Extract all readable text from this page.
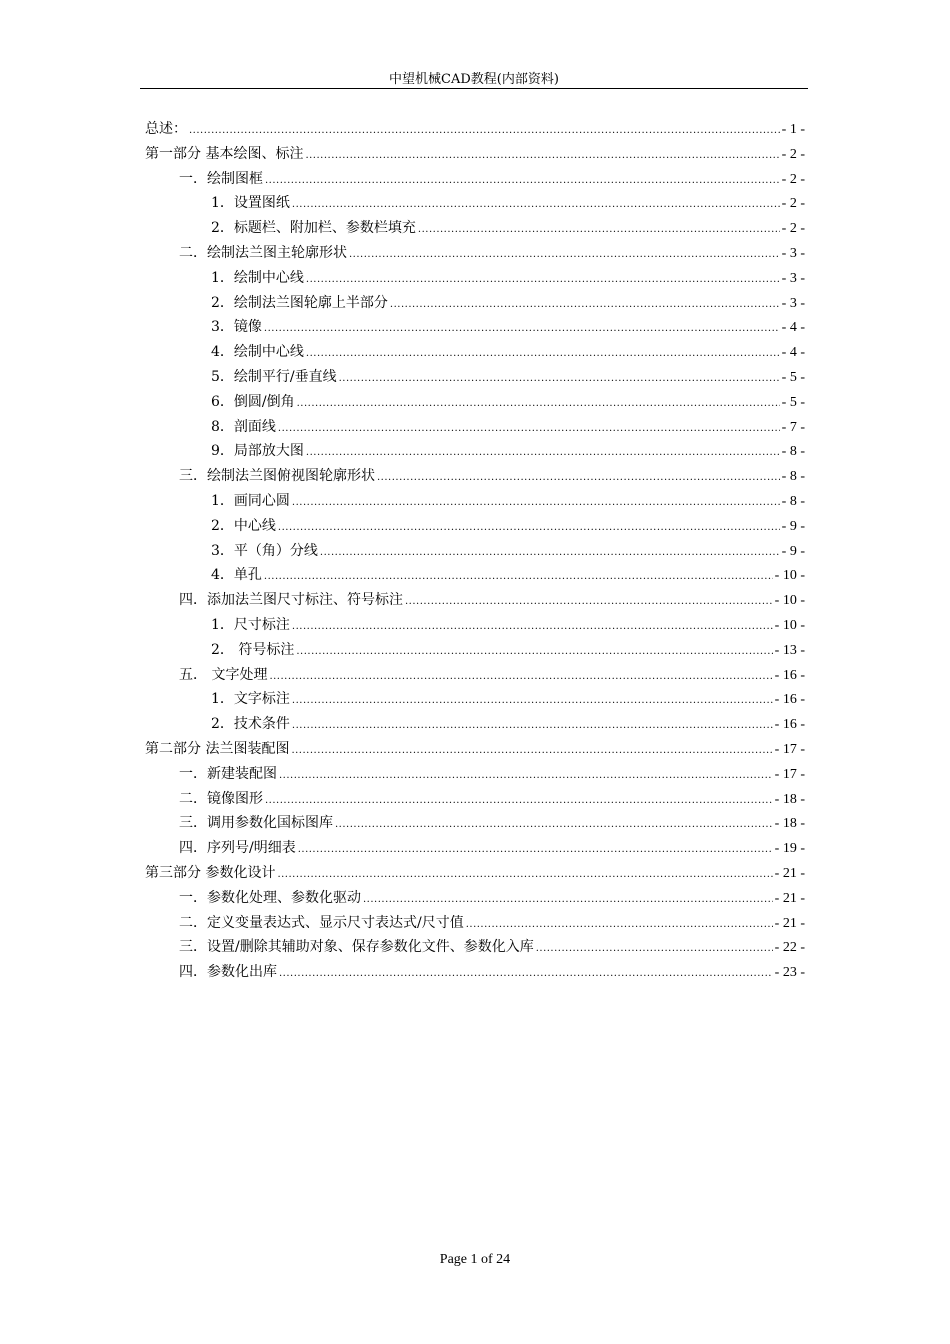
中望机械CAD教程(内部资料)
总述： .....	- 1 -
第一部分 基本绘图、标注 .....	- 2 -
一．绘制图框 .....	- 2 -
1．设置图纸 .....	- 2 -
2．标题栏、附加栏、参数栏填充 .....	- 2 -
二．绘制法兰图主轮廓形状 .....	- 3 -
1．绘制中心线 .....	- 3 -
2．绘制法兰图轮廓上半部分 .....	- 3 -
3．镜像 .....	- 4 -
4．绘制中心线 .....	- 4 -
5．绘制平行/垂直线 .....	- 5 -
6．倒圆/倒角 .....	- 5 -
8．剖面线 .....	- 7 -
9．局部放大图 .....	- 8 -
三．绘制法兰图俯视图轮廓形状 .....	- 8 -
1．画同心圆 .....	- 8 -
2．中心线 .....	- 9 -
3．平（角）分线 .....	- 9 -
4．单孔 .....	- 10 -
四．添加法兰图尺寸标注、符号标注 .....	- 10 -
1．尺寸标注 .....	- 10 -
2． 符号标注 .....	- 13 -
五． 文字处理 .....	- 16 -
1．文字标注 .....	- 16 -
2．技术条件 .....	- 16 -
第二部分 法兰图装配图 .....	- 17 -
一．新建装配图 .....	- 17 -
二．镜像图形 .....	- 18 -
三．调用参数化国标图库 .....	- 18 -
四．序列号/明细表 .....	- 19 -
第三部分 参数化设计 .....	- 21 -
一．参数化处理、参数化驱动 .....	- 21 -
二．定义变量表达式、显示尺寸表达式/尺寸值 .....	- 21 -
三．设置/删除其辅助对象、保存参数化文件、参数化入库 .....	- 22 -
四．参数化出库 .....	- 23 -
Page 1 of 24
